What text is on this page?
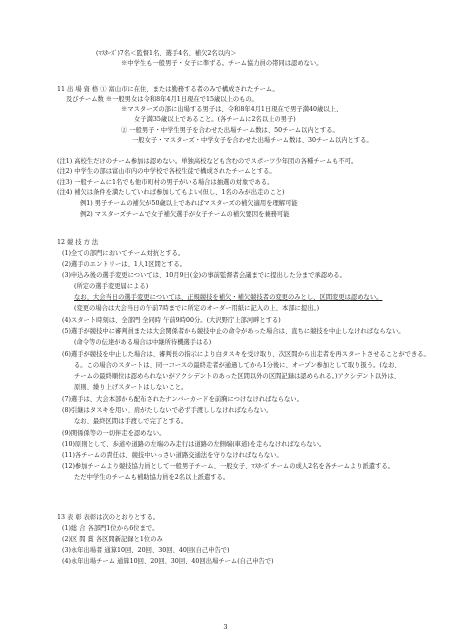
(ﾏｽﾀｰｽﾞ)7名＜監督1名、選手4名、補欠2名以内＞
※中学生も一般男子・女子に準ずる。チーム協力員の帯同は認めない。
11 出 場 資 格 ① 富山市に在住、または勤務する者のみで構成されたチーム。
及びチーム数 ※一般男女は令和8年4月1日現在で15歳以上のもの。
※マスターズの部に出場する男子は、令和8年4月1日現在で男子満40歳以上、
女子満35歳以上であること。(各チームに2名以上の男子)
② 一般男子・中学生男子を合わせた出場チーム数は、50チーム以内とする。
一般女子・マスターズ・中学女子を合わせた出場チーム数は、30チーム以内とする。
(注1) 高校生だけのチーム参加は認めない。単独高校なども含むのでスポーツ少年団の各種チームも不可。
(注2) 中学生の部は富山市内の中学校で各校生徒で構成されたチームとする。
(注3) 一般チームに1名でも他市町村の男子がいる場合は抽選の対象である。
(注4) 補欠は条件を満たしていれば参加してもよい(但し、1名のみが出走のこと)
例1) 男子チームの補欠が50歳以上であればマスターズの補欠適用を理解可能
例2) マスターズチームで女子補欠選手が女子チームの補欠要因を兼務可能
12 競 技 方 法
(1)全ての部門においてチーム対抗とする。
(2)選手のエントリーは、1人1区間とする。
(3)申込み後の選手変更については、10月9日(金)の事前監督者会議までに提出した分まで承認める。
(所定の選手変更届による)
なお、大会当日の選手変更については、正規競技を補欠・補欠競技者の変更のみとし、区間変更は認めない。
(変更の場合は大会当日の午前7時までに所定のオーダー用紙に記入の上、本部に提出。)
(4)スタート時刻は、全部門 全同時 午前9時00分。(大沢野庁上部河畔とする)
(5)選手が競技中に審判員または大会関係者から競技中止の命令があった場合は、直ちに競技を中止しなければならない。
(命令等の伝達がある場合は中継所待機選手はる)
(6)選手が競技を中止した場合は、審判長の指示により白タスキを受け取り、次区間から出走者を再スタートさせることができる。
る。この場合のスタートは、同一コースの最終走者が通過してから1分後に、オープン参加として取り扱う。(なお、
チームの最終順位は認められないがアクシデントのあった区間以外の区間記録は認められる。)アクシデント以外は、
原則、繰り上げスタートはしないこと。
(7)選手は、大会本部から配布されたナンバーカードを前胸につけなければならない。
(8)引継はタスキを用い、肩がたしないで必ず手渡ししなければならない。
なお、最終区間は手渡しで完了とする。
(9)関係係等の一切伴走を認めない。
(10)原則として、歩道や道路の左端のみ走行は道路の左側端(車道)を走らなければならない。
(11)各チームの責任は、競技中いっさい道路交通法を守りなければならない。
(12)参加チームより競技協力員として一般男子チーム、一般女子、ﾏｽﾀｰｽﾞチームの成人2名を各チームより派遣する。
ただ中学生のチームも補助協力員を2名以上派遣する。
13 表 彰 表彰は次のとおりとする。
(1)総 合 各部門1位から6位まで。
(2)区 間 賞 各区間新記録と1位のみ
(3)永年出場者 通算10回、20回、30回、40回(自己申告で)
(4)永年出場チーム 通算10回、20回、30回、40回出場チーム(自己申告で)
3
